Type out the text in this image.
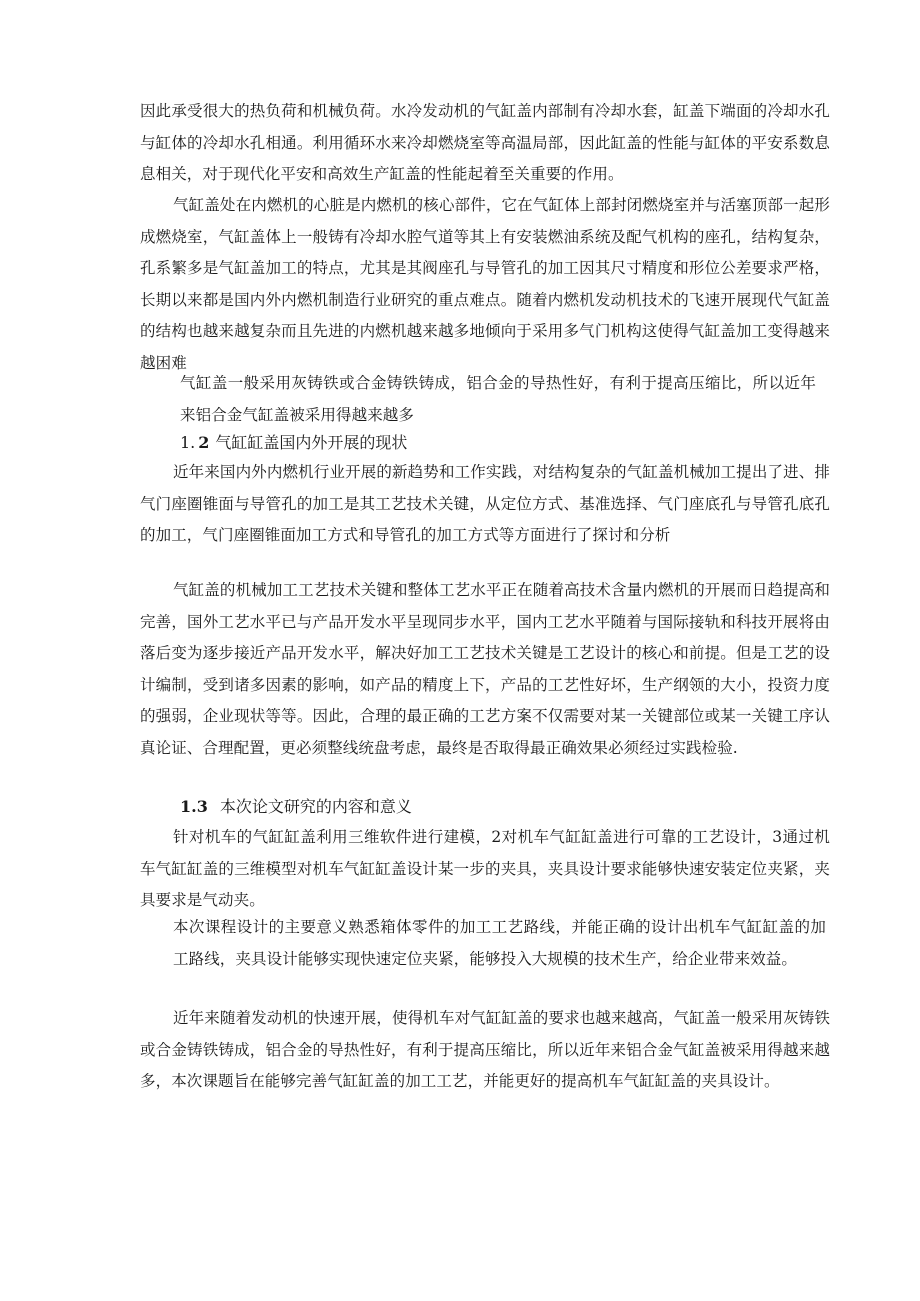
因此承受很大的热负荷和机械负荷。水冷发动机的气缸盖内部制有冷却水套，缸盖下端面的冷却水孔与缸体的冷却水孔相通。利用循环水来冷却燃烧室等高温局部，因此缸盖的性能与缸体的平安系数息息相关，对于现代化平安和高效生产缸盖的性能起着至关重要的作用。

气缸盖处在内燃机的心脏是内燃机的核心部件，它在气缸体上部封闭燃烧室并与活塞顶部一起形成燃烧室，气缸盖体上一般铸有冷却水腔气道等其上有安装燃油系统及配气机构的座孔，结构复杂，孔系繁多是气缸盖加工的特点，尤其是其阀座孔与导管孔的加工因其尺寸精度和形位公差要求严格，长期以来都是国内外内燃机制造行业研究的重点难点。随着内燃机发动机技术的飞速开展现代气缸盖的结构也越来越复杂而且先进的内燃机越来越多地倾向于采用多气门机构这使得气缸盖加工变得越来越困难

气缸盖一般采用灰铸铁或合金铸铁铸成，铝合金的导热性好，有利于提高压缩比，所以近年来铝合金气缸盖被采用得越来越多

1. 2 气缸缸盖国内外开展的现状

近年来国内外内燃机行业开展的新趋势和工作实践，对结构复杂的气缸盖机械加工提出了进、排气门座圈锥面与导管孔的加工是其工艺技术关键，从定位方式、基准选择、气门座底孔与导管孔底孔的加工，气门座圈锥面加工方式和导管孔的加工方式等方面进行了探讨和分析

气缸盖的机械加工工艺技术关键和整体工艺水平正在随着高技术含量内燃机的开展而日趋提高和完善，国外工艺水平已与产品开发水平呈现同步水平，国内工艺水平随着与国际接轨和科技开展将由落后变为逐步接近产品开发水平，解决好加工工艺技术关键是工艺设计的核心和前提。但是工艺的设计编制，受到诸多因素的影响，如产品的精度上下，产品的工艺性好坏，生产纲领的大小，投资力度的强弱，企业现状等等。因此，合理的最正确的工艺方案不仅需要对某一关键部位或某一关键工序认真论证、合理配置，更必须整线统盘考虑，最终是否取得最正确效果必须经过实践检验.

1.3 本次论文研究的内容和意义

针对机车的气缸缸盖利用三维软件进行建模，2对机车气缸缸盖进行可靠的工艺设计，3通过机车气缸缸盖的三维模型对机车气缸缸盖设计某一步的夹具，夹具设计要求能够快速安装定位夹紧，夹具要求是气动夹。

本次课程设计的主要意义熟悉箱体零件的加工工艺路线，并能正确的设计出机车气缸缸盖的加工路线，夹具设计能够实现快速定位夹紧，能够投入大规模的技术生产，给企业带来效益。

近年来随着发动机的快速开展，使得机车对气缸缸盖的要求也越来越高，气缸盖一般采用灰铸铁或合金铸铁铸成，铝合金的导热性好，有利于提高压缩比，所以近年来铝合金气缸盖被采用得越来越多，本次课题旨在能够完善气缸缸盖的加工工艺，并能更好的提高机车气缸缸盖的夹具设计。
